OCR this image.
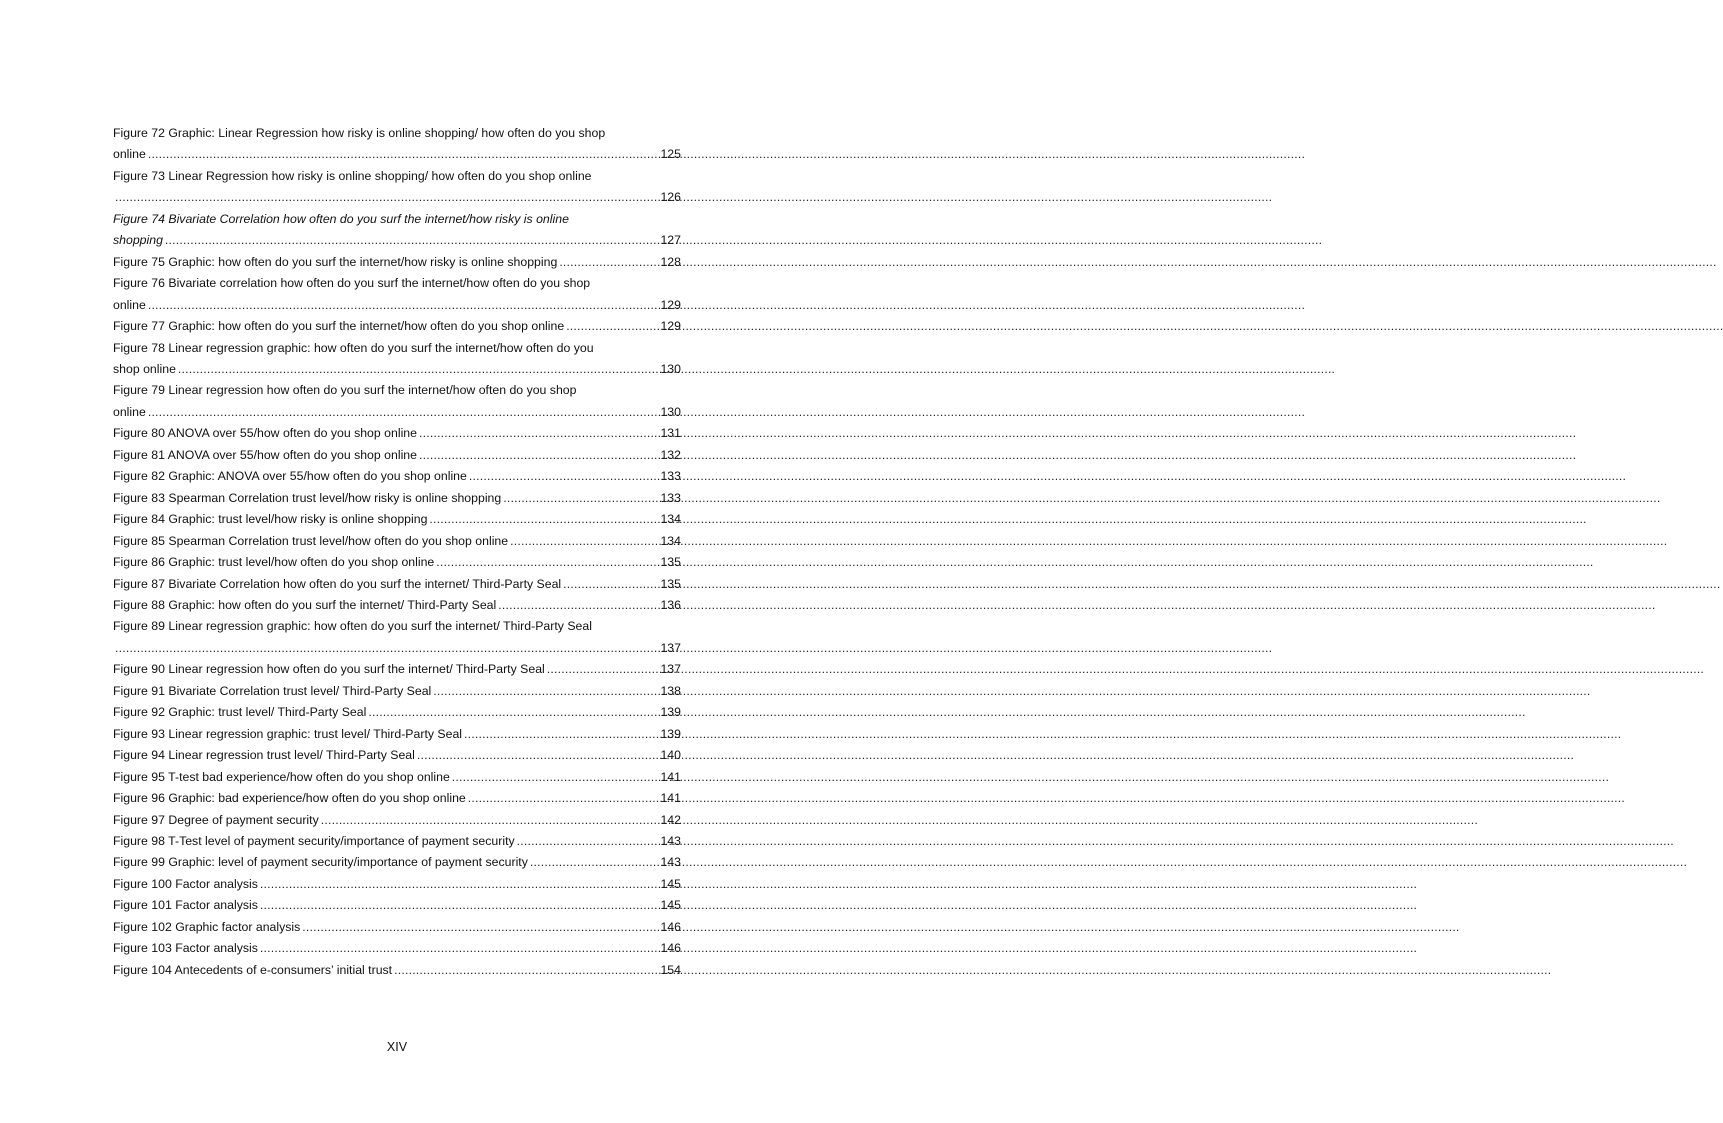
Figure 72 Graphic: Linear Regression how risky is online shopping/ how often do you shop
online .....	125
Figure 73 Linear Regression how risky is online shopping/ how often do you shop online
.....
126
Figure 74 Bivariate Correlation how often do you surf the internet/how risky is online
shopping .....	127
Figure 75 Graphic: how often do you surf the internet/how risky is online shopping .....	128
Figure 76 Bivariate correlation how often do you surf the internet/how often do you shop
online .....	129
Figure 77 Graphic: how often do you surf the internet/how often do you shop online .....	129
Figure 78 Linear regression graphic: how often do you surf the internet/how often do you
shop online .....	130
Figure 79 Linear regression how often do you surf the internet/how often do you shop
online .....	130
Figure 80 ANOVA over 55/how often do you shop online .....	131
Figure 81 ANOVA over 55/how often do you shop online .....	132
Figure 82 Graphic: ANOVA over 55/how often do you shop online .....	133
Figure 83 Spearman Correlation trust level/how risky is online shopping .....	133
Figure 84 Graphic: trust level/how risky is online shopping .....	134
Figure 85 Spearman Correlation trust level/how often do you shop online .....	134
Figure 86 Graphic: trust level/how often do you shop online .....	135
Figure 87 Bivariate Correlation how often do you surf the internet/ Third-Party Seal .....	135
Figure 88 Graphic: how often do you surf the internet/ Third-Party Seal .....	136
Figure 89 Linear regression graphic: how often do you surf the internet/ Third-Party Seal
.....
137
Figure 90 Linear regression how often do you surf the internet/ Third-Party Seal .....	137
Figure 91 Bivariate Correlation trust level/ Third-Party Seal .....	138
Figure 92 Graphic: trust level/ Third-Party Seal .....	139
Figure 93 Linear regression graphic: trust level/ Third-Party Seal .....	139
Figure 94 Linear regression trust level/ Third-Party Seal .....	140
Figure 95 T-test bad experience/how often do you shop online .....	141
Figure 96 Graphic: bad experience/how often do you shop online .....	141
Figure 97 Degree of payment security .....	142
Figure 98 T-Test level of payment security/importance of payment security .....	143
Figure 99 Graphic: level of payment security/importance of payment security .....	143
Figure 100 Factor analysis .....	145
Figure 101 Factor analysis .....	145
Figure 102 Graphic factor analysis .....	146
Figure 103 Factor analysis .....	146
Figure 104 Antecedents of e-consumers’ initial trust .....	154
XIV
